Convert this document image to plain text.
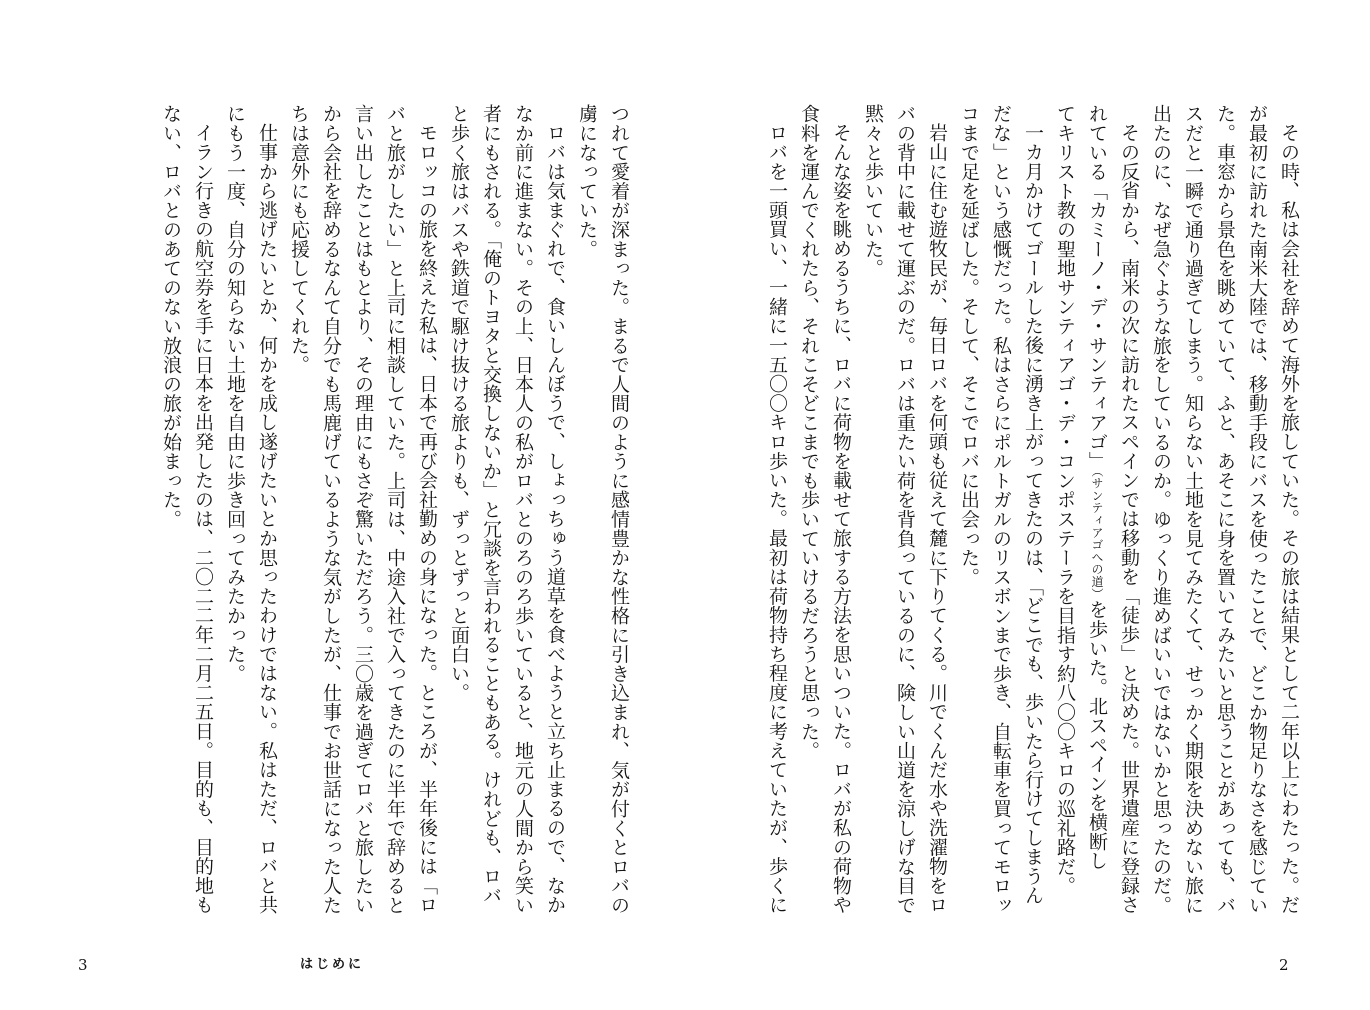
つれて愛着が深まった。まるで人間のように感情豊かな性格に引き込まれ、気が付くとロバの
虜になっていた。
ロバは気まぐれで、食いしんぼうで、しょっちゅう道草を食べようと立ち止まるので、なか
なか前に進まない。その上、日本人の私がロバとのろのろ歩いていると、地元の人間から笑い
者にもされる。「俺のトヨタと交換しないか」と冗談を言われることもある。けれども、ロバ
と歩く旅はバスや鉄道で駆け抜ける旅よりも、ずっとずっと面白い。
モロッコの旅を終えた私は、日本で再び会社勤めの身になった。ところが、半年後には「ロ
バと旅がしたい」と上司に相談していた。上司は、中途入社で入ってきたのに半年で辞めると
言い出したことはもとより、その理由にもさぞ驚いただろう。三〇歳を過ぎてロバと旅したい
から会社を辞めるなんて自分でも馬鹿げているような気がしたが、仕事でお世話になった人た
ちは意外にも応援してくれた。
仕事から逃げたいとか、何かを成し遂げたいとか思ったわけではない。私はただ、ロバと共
にもう一度、自分の知らない土地を自由に歩き回ってみたかった。
イラン行きの航空券を手に日本を出発したのは、二〇二二年二月二五日。目的も、目的地も
ない、ロバとのあてのない放浪の旅が始まった。
3	はじめに
その時、私は会社を辞めて海外を旅していた。その旅は結果として二年以上にわたった。だ
が最初に訪れた南米大陸では、移動手段にバスを使ったことで、どこか物足りなさを感じてい
た。車窓から景色を眺めていて、ふと、あそこに身を置いてみたいと思うことがあっても、バ
スだと一瞬で通り過ぎてしまう。知らない土地を見てみたくて、せっかく期限を決めない旅に
出たのに、なぜ急ぐような旅をしているのか。ゆっくり進めばいいではないかと思ったのだ。
その反省から、南米の次に訪れたスペインでは移動を「徒歩」と決めた。世界遺産に登録さ
れている「カミーノ・デ・サンティアゴ」（サンティアゴへの道）を歩いた。北スペインを横断し
てキリスト教の聖地サンティアゴ・デ・コンポステーラを目指す約八〇〇キロの巡礼路だ。
一カ月かけてゴールした後に湧き上がってきたのは、「どこでも、歩いたら行けてしまうん
だな」という感慨だった。私はさらにポルトガルのリスボンまで歩き、自転車を買ってモロッ
コまで足を延ばした。そして、そこでロバに出会った。
岩山に住む遊牧民が、毎日ロバを何頭も従えて麓に下りてくる。川でくんだ水や洗濯物をロ
バの背中に載せて運ぶのだ。ロバは重たい荷を背負っているのに、険しい山道を涼しげな目で
黙々と歩いていた。
そんな姿を眺めるうちに、ロバに荷物を載せて旅する方法を思いついた。ロバが私の荷物や
食料を運んでくれたら、それこそどこまでも歩いていけるだろうと思った。
ロバを一頭買い、一緒に一五〇〇キロ歩いた。最初は荷物持ち程度に考えていたが、歩くに
2
